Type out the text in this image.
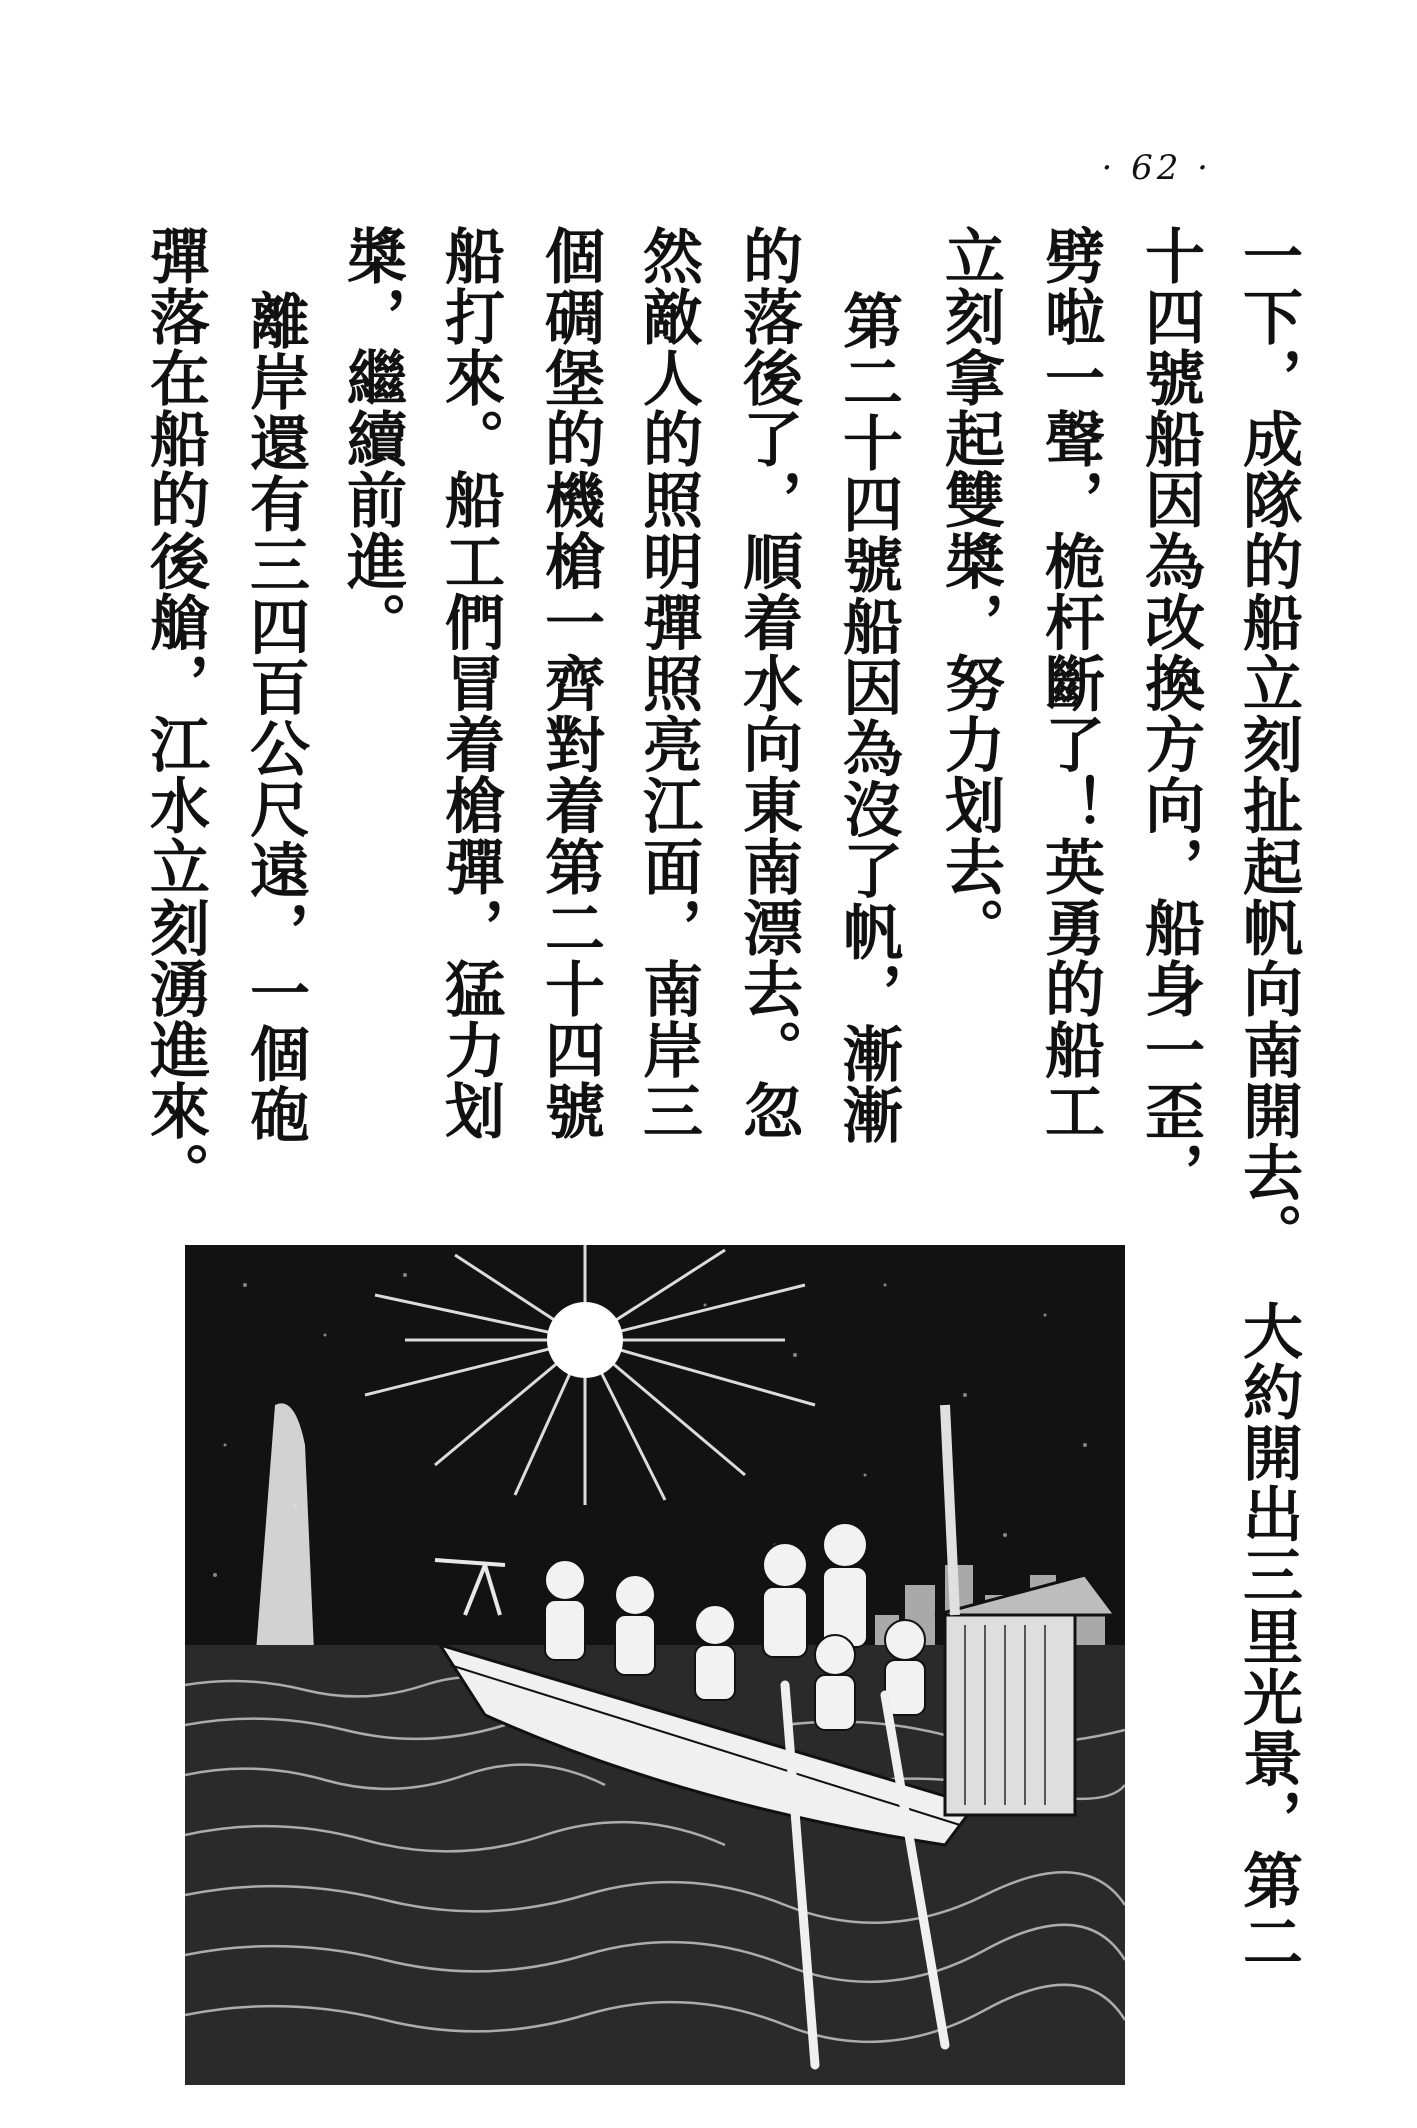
· 62 ·
一下，成隊的船立刻扯起帆向南開去。
大約開出三里光景，第二
十四號船因為改換方向，船身一歪，
劈啦一聲，桅杆斷了！英勇的船工
立刻拿起雙槳，努力划去。
第二十四號船因為沒了帆，漸漸
的落後了，順着水向東南漂去。忽
然敵人的照明彈照亮江面，南岸三
個碉堡的機槍一齊對着第二十四號
船打來。船工們冒着槍彈，猛力划
槳，繼續前進。
離岸還有三四百公尺遠，一個砲
彈落在船的後艙，江水立刻湧進來。
